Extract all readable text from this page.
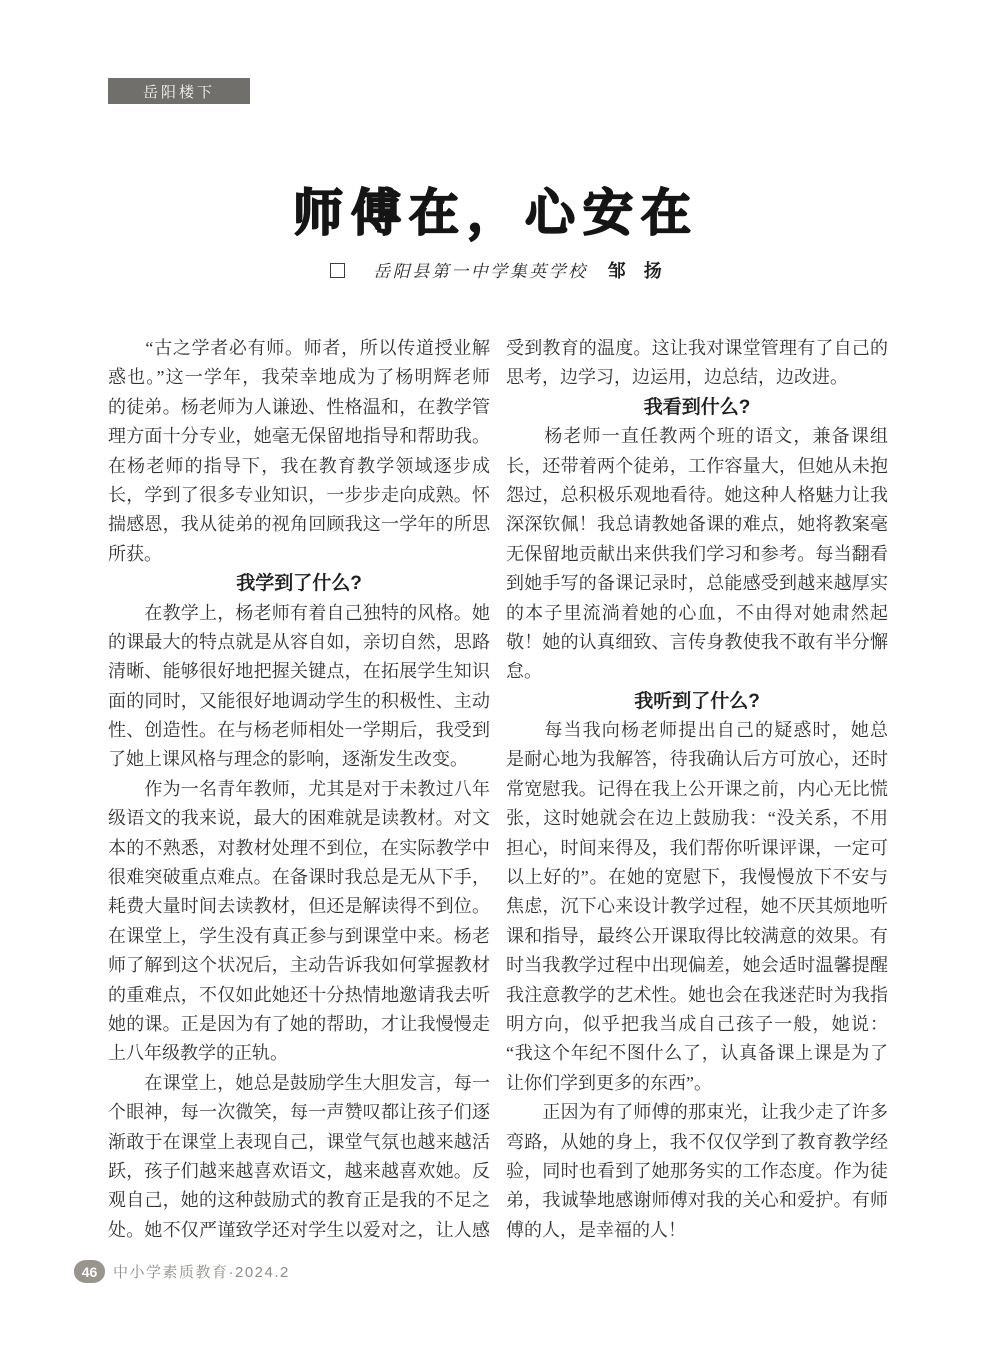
岳阳楼下
师傅在，心安在
岳阳县第一中学集英学校 邹　扬
　　“古之学者必有师。师者，所以传道授业解
惑也。”这一学年，我荣幸地成为了杨明辉老师
的徒弟。杨老师为人谦逊、性格温和，在教学管
理方面十分专业，她毫无保留地指导和帮助我。
在杨老师的指导下，我在教育教学领域逐步成
长，学到了很多专业知识，一步步走向成熟。怀
揣感恩，我从徒弟的视角回顾我这一学年的所思
所获。
我学到了什么?
　　在教学上，杨老师有着自己独特的风格。她
的课最大的特点就是从容自如，亲切自然，思路
清晰、能够很好地把握关键点，在拓展学生知识
面的同时，又能很好地调动学生的积极性、主动
性、创造性。在与杨老师相处一学期后，我受到
了她上课风格与理念的影响，逐渐发生改变。
　　作为一名青年教师，尤其是对于未教过八年
级语文的我来说，最大的困难就是读教材。对文
本的不熟悉，对教材处理不到位，在实际教学中
很难突破重点难点。在备课时我总是无从下手，
耗费大量时间去读教材，但还是解读得不到位。
在课堂上，学生没有真正参与到课堂中来。杨老
师了解到这个状况后，主动告诉我如何掌握教材
的重难点，不仅如此她还十分热情地邀请我去听
她的课。正是因为有了她的帮助，才让我慢慢走
上八年级教学的正轨。
　　在课堂上，她总是鼓励学生大胆发言，每一
个眼神，每一次微笑，每一声赞叹都让孩子们逐
渐敢于在课堂上表现自己，课堂气氛也越来越活
跃，孩子们越来越喜欢语文，越来越喜欢她。反
观自己，她的这种鼓励式的教育正是我的不足之
处。她不仅严谨致学还对学生以爱对之，让人感
受到教育的温度。这让我对课堂管理有了自己的
思考，边学习，边运用，边总结，边改进。
我看到什么?
　　杨老师一直任教两个班的语文，兼备课组
长，还带着两个徒弟，工作容量大，但她从未抱
怨过，总积极乐观地看待。她这种人格魅力让我
深深钦佩！我总请教她备课的难点，她将教案毫
无保留地贡献出来供我们学习和参考。每当翻看
到她手写的备课记录时，总能感受到越来越厚实
的本子里流淌着她的心血，不由得对她肃然起
敬！她的认真细致、言传身教使我不敢有半分懈
怠。
我听到了什么?
　　每当我向杨老师提出自己的疑惑时，她总
是耐心地为我解答，待我确认后方可放心，还时
常宽慰我。记得在我上公开课之前，内心无比慌
张，这时她就会在边上鼓励我：“没关系，不用
担心，时间来得及，我们帮你听课评课，一定可
以上好的”。在她的宽慰下，我慢慢放下不安与
焦虑，沉下心来设计教学过程，她不厌其烦地听
课和指导，最终公开课取得比较满意的效果。有
时当我教学过程中出现偏差，她会适时温馨提醒
我注意教学的艺术性。她也会在我迷茫时为我指
明方向，似乎把我当成自己孩子一般，她说：
“我这个年纪不图什么了，认真备课上课是为了
让你们学到更多的东西”。
　　正因为有了师傅的那束光，让我少走了许多
弯路，从她的身上，我不仅仅学到了教育教学经
验，同时也看到了她那务实的工作态度。作为徒
弟，我诚挚地感谢师傅对我的关心和爱护。有师
傅的人，是幸福的人！
46	中小学素质教育·2024.2
